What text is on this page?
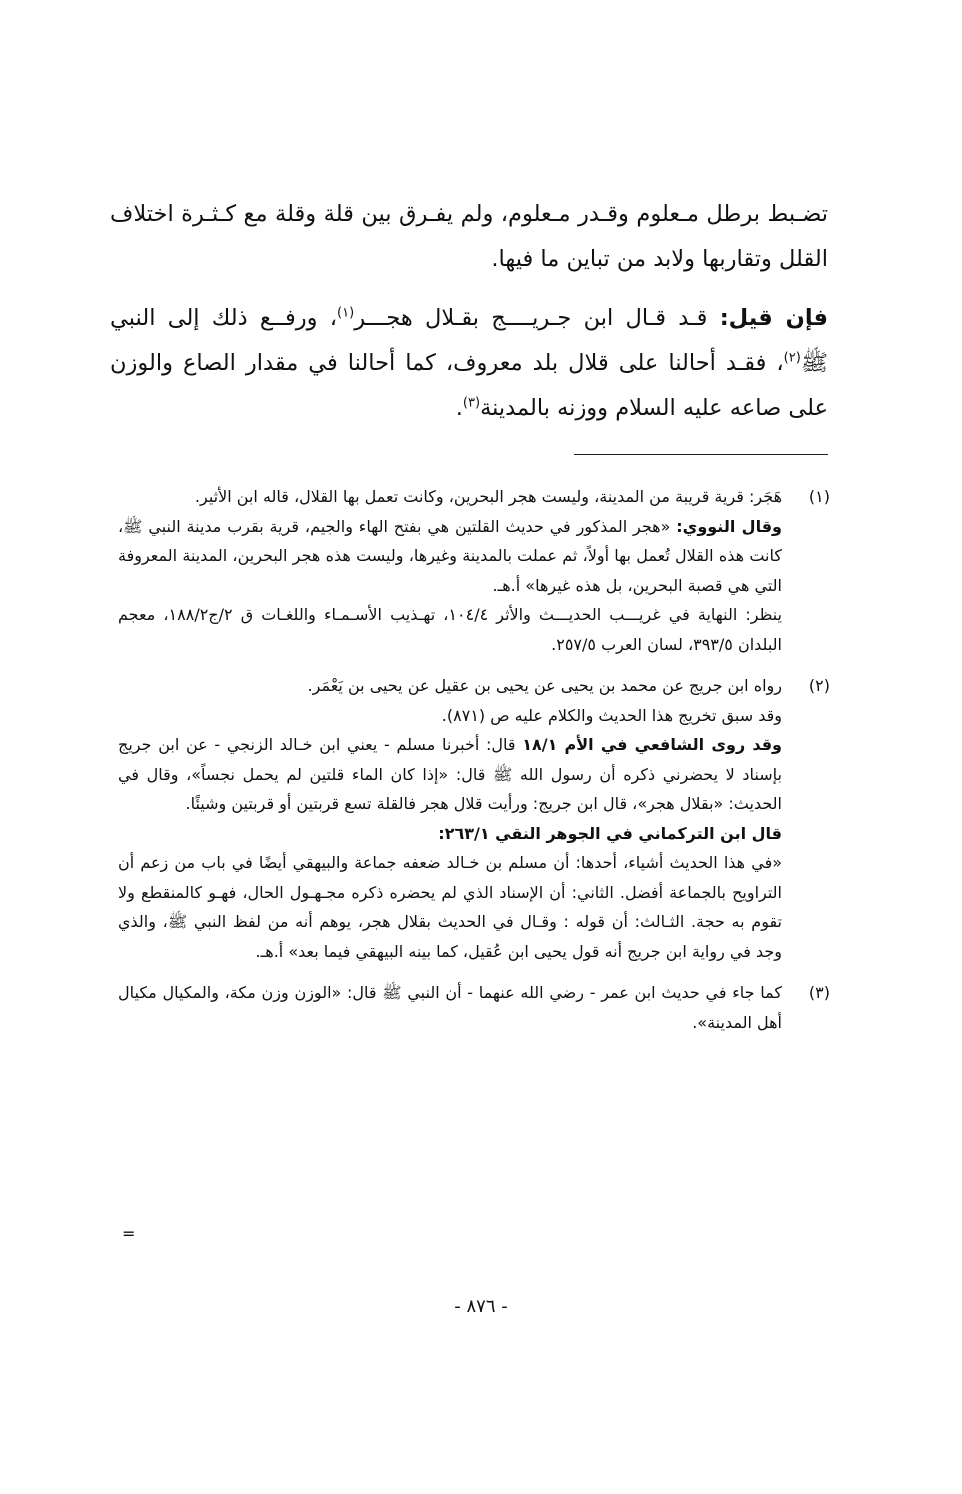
تضـبط برطل مـعلوم وقـدر مـعلوم، ولم يفـرق بين قلة وقلة مع كـثـرة اختلاف القلل وتقاربها ولابد من تباين ما فيها.

فإن قيل: قـد قـال ابن جـريــــج بقـلال هجـــر$^{(١)}$، ورفــع ذلك إلى النبي ﷺ$^{(٢)}$، فقـد أحالنا على قلال بلد معروف، كما أحالنا في مقدار الصاع والوزن على صاعه عليه السلام ووزنه بالمدينة$^{(٣)}$.

(١)

هَجَر: قرية قريبة من المدينة، وليست هجر البحرين، وكانت تعمل بها القلال، قاله ابن الأثير.

وقال النووي: «هجر المذكور في حديث القلتين هي بفتح الهاء والجيم، قرية بقرب مدينة النبي ﷺ، كانت هذه القلال تُعمل بها أولاً، ثم عملت بالمدينة وغيرها، وليست هذه هجر البحرين، المدينة المعروفة التي هي قصبة البحرين، بل هذه غيرها» أ.هـ.

ينظر: النهاية في غريـــب الحديـــث والأثر ١٠٤/٤، تهـذيب الأسـمـاء واللغـات ق ٢/ج١٨٨/٢، معجم البلدان ٣٩٣/٥، لسان العرب ٢٥٧/٥.

(٢)

رواه ابن جريج عن محمد بن يحيى عن يحيى بن عقيل عن يحيى بن يَعْمَر.

وقد سبق تخريج هذا الحديث والكلام عليه ص (٨٧١).

وقد روى الشافعي في الأم ١٨/١ قال: أخبرنا مسلم - يعني ابن خـالد الزنجي - عن ابن جريج بإسناد لا يحضرني ذكره أن رسول الله ﷺ قال: «إذا كان الماء قلتين لم يحمل نجساً»، وقال في الحديث: «بقلال هجر»، قال ابن جريج: ورأيت قلال هجر فالقلة تسع قربتين أو قربتين وشيئًا.

قال ابن التركماني في الجوهر النقي ٢٦٣/١:

«في هذا الحديث أشياء، أحدها: أن مسلم بن خـالد ضعفه جماعة والبيهقي أيضًا في باب من زعم أن التراويح بالجماعة أفضل. الثاني: أن الإسناد الذي لم يحضره ذكره مجـهـول الحال، فهـو كالمنقطع ولا تقوم به حجة. الثـالث: أن قوله : وقـال في الحديث بقلال هجر، يوهم أنه من لفظ النبي ﷺ، والذي وجد في رواية ابن جريج أنه قول يحيى ابن عُقيل، كما بينه البيهقي فيما بعد» أ.هـ.

(٣)

كما جاء في حديث ابن عمر - رضي الله عنهما - أن النبي ﷺ قال: «الوزن وزن مكة، والمكيال مكيال أهل المدينة».

=
- ٨٧٦ -
